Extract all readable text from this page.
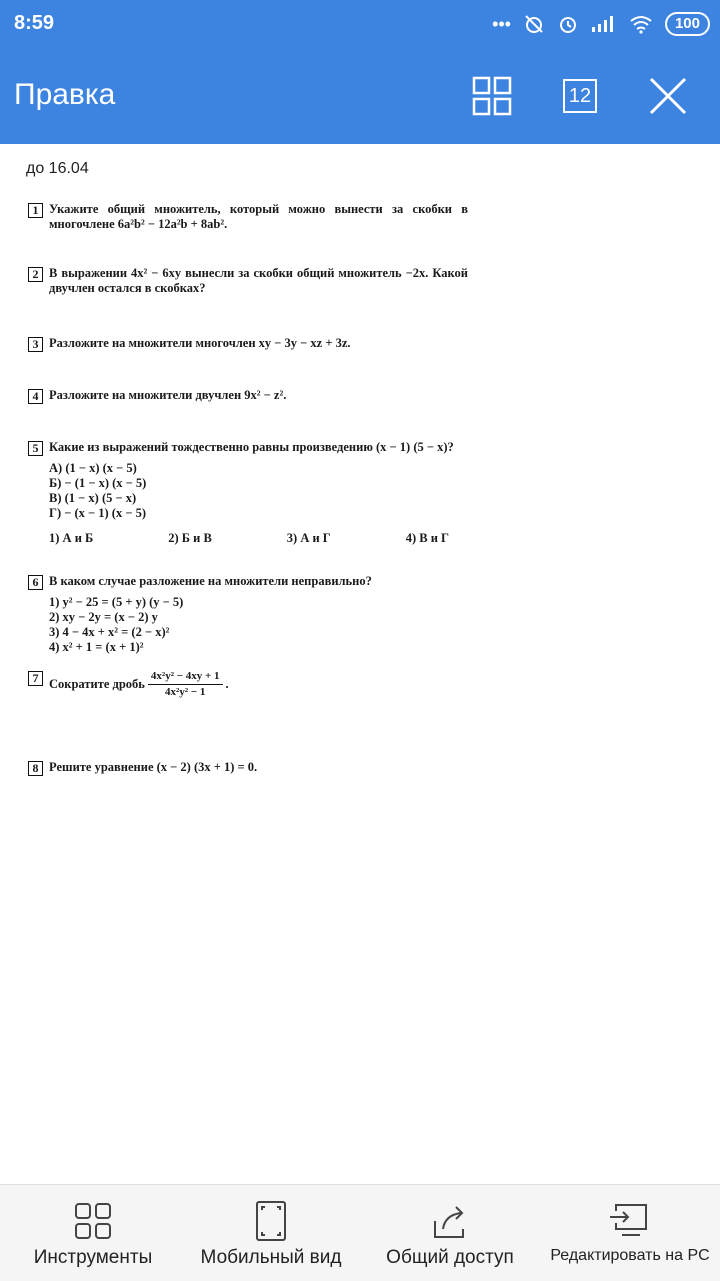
8:59	•••	100
Правка	12
до 16.04
1 Укажите общий множитель, который можно вынести за скобки в многочлене 6a²b² − 12a²b + 8ab².
2 В выражении 4x² − 6xy вынесли за скобки общий множитель −2x. Какой двучлен остался в скобках?
3 Разложите на множители многочлен xy − 3y − xz + 3z.
4 Разложите на множители двучлен 9x² − z².
5 Какие из выражений тождественно равны произведению (x − 1) (5 − x)?
А) (1 − x) (x − 5)
Б) − (1 − x) (x − 5)
В) (1 − x) (5 − x)
Г) − (x − 1) (x − 5)
1) А и Б	2) Б и В	3) А и Г	4) В и Г
6 В каком случае разложение на множители неправильно?
1) y² − 25 = (5 + y) (y − 5)
2) xy − 2y = (x − 2) y
3) 4 − 4x + x² = (2 − x)²
4) x² + 1 = (x + 1)²
7 Сократите дробь $\frac{\text{4x²y² − 4xy + 1}}{\text{4x²y² − 1}}$ .
8 Решите уравнение (x − 2) (3x + 1) = 0.
Инструменты	Мобильный вид Общий доступ Редактировать на PC
